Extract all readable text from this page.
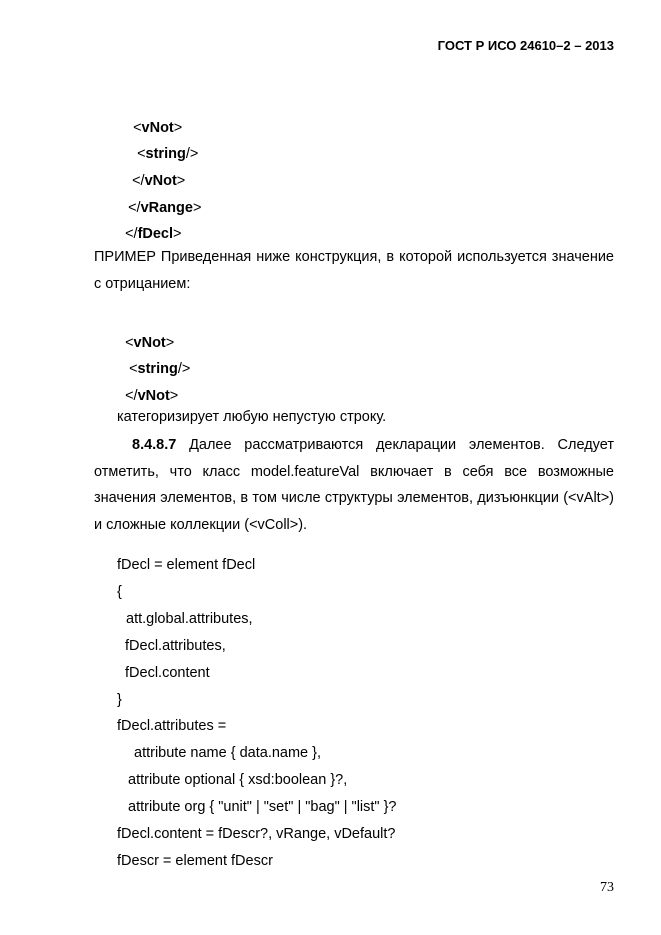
ГОСТ Р ИСО 24610–2 – 2013

<vNot>

<string/>

</vNot>

</vRange>

</fDecl>

ПРИМЕР Приведенная ниже конструкция, в которой используется значение с отрицанием:

<vNot>

<string/>

</vNot>

категоризирует любую непустую строку.
8.4.8.7 Далее рассматриваются декларации элементов. Следует отметить, что класс model.featureVal включает в себя все возможные значения элементов, в том числе структуры элементов, дизъюнкции (<vAlt>) и сложные коллекции (<vColl>).
fDecl = element fDecl
{
att.global.attributes,
fDecl.attributes,
fDecl.content
}
fDecl.attributes =
attribute name { data.name },
attribute optional { xsd:boolean }?,
attribute org { "unit" | "set" | "bag" | "list" }?
fDecl.content = fDescr?, vRange, vDefault?
fDescr = element fDescr
73
